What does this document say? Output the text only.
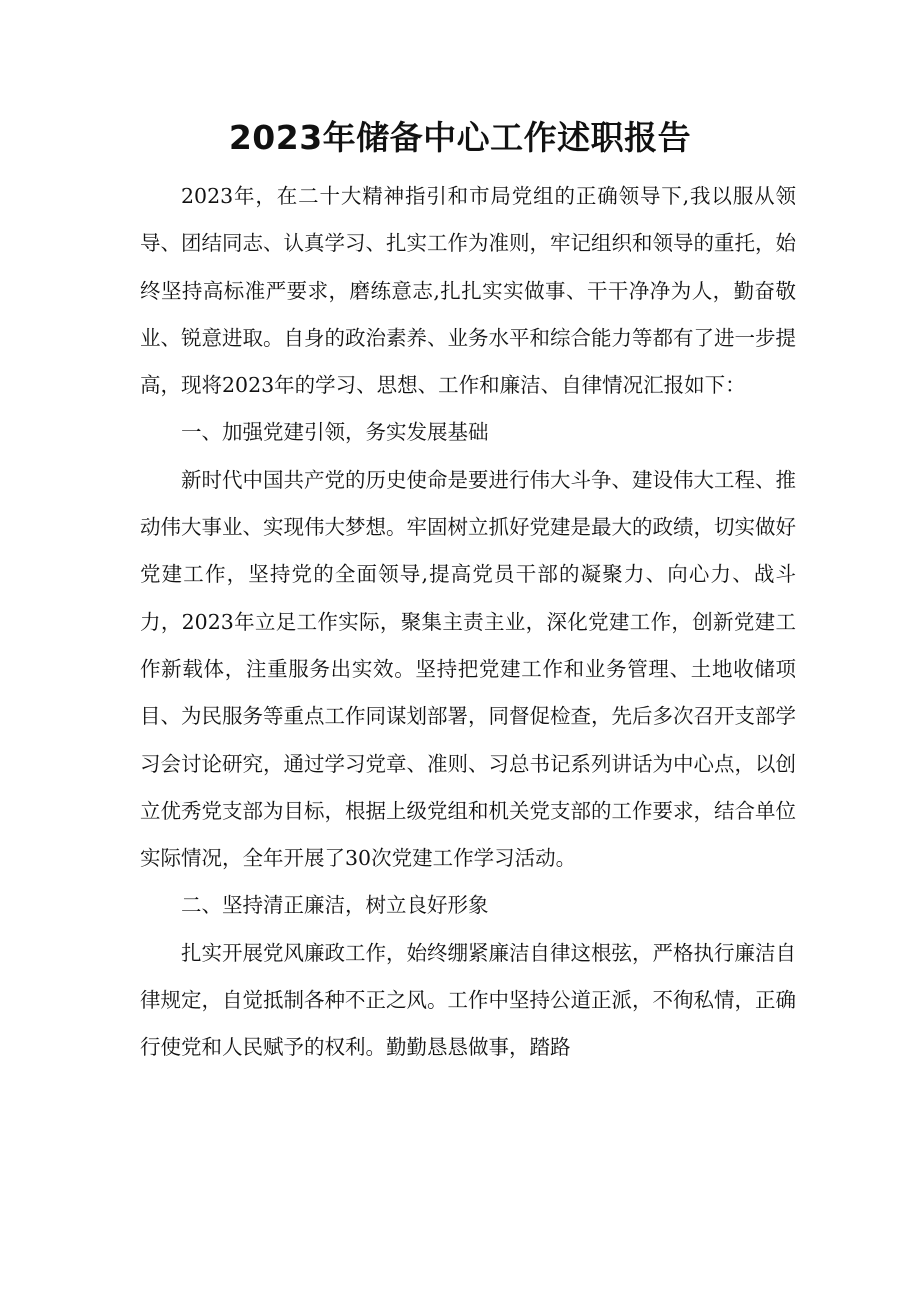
2023年储备中心工作述职报告

2023年，在二十大精神指引和市局党组的正确领导下,我以服从领导、团结同志、认真学习、扎实工作为准则，牢记组织和领导的重托，始终坚持高标准严要求，磨练意志,扎扎实实做事、干干净净为人，勤奋敬业、锐意进取。自身的政治素养、业务水平和综合能力等都有了进一步提高，现将2023年的学习、思想、工作和廉洁、自律情况汇报如下：

一、加强党建引领，务实发展基础

新时代中国共产党的历史使命是要进行伟大斗争、建设伟大工程、推动伟大事业、实现伟大梦想。牢固树立抓好党建是最大的政绩，切实做好党建工作，坚持党的全面领导,提高党员干部的凝聚力、向心力、战斗力，2023年立足工作实际，聚集主责主业，深化党建工作，创新党建工作新载体，注重服务出实效。坚持把党建工作和业务管理、土地收储项目、为民服务等重点工作同谋划部署，同督促检查，先后多次召开支部学习会讨论研究，通过学习党章、准则、习总书记系列讲话为中心点，以创立优秀党支部为目标，根据上级党组和机关党支部的工作要求，结合单位实际情况，全年开展了30次党建工作学习活动。

二、坚持清正廉洁，树立良好形象

扎实开展党风廉政工作，始终绷紧廉洁自律这根弦，严格执行廉洁自律规定，自觉抵制各种不正之风。工作中坚持公道正派，不徇私情，正确行使党和人民赋予的权利。勤勤恳恳做事，踏路
